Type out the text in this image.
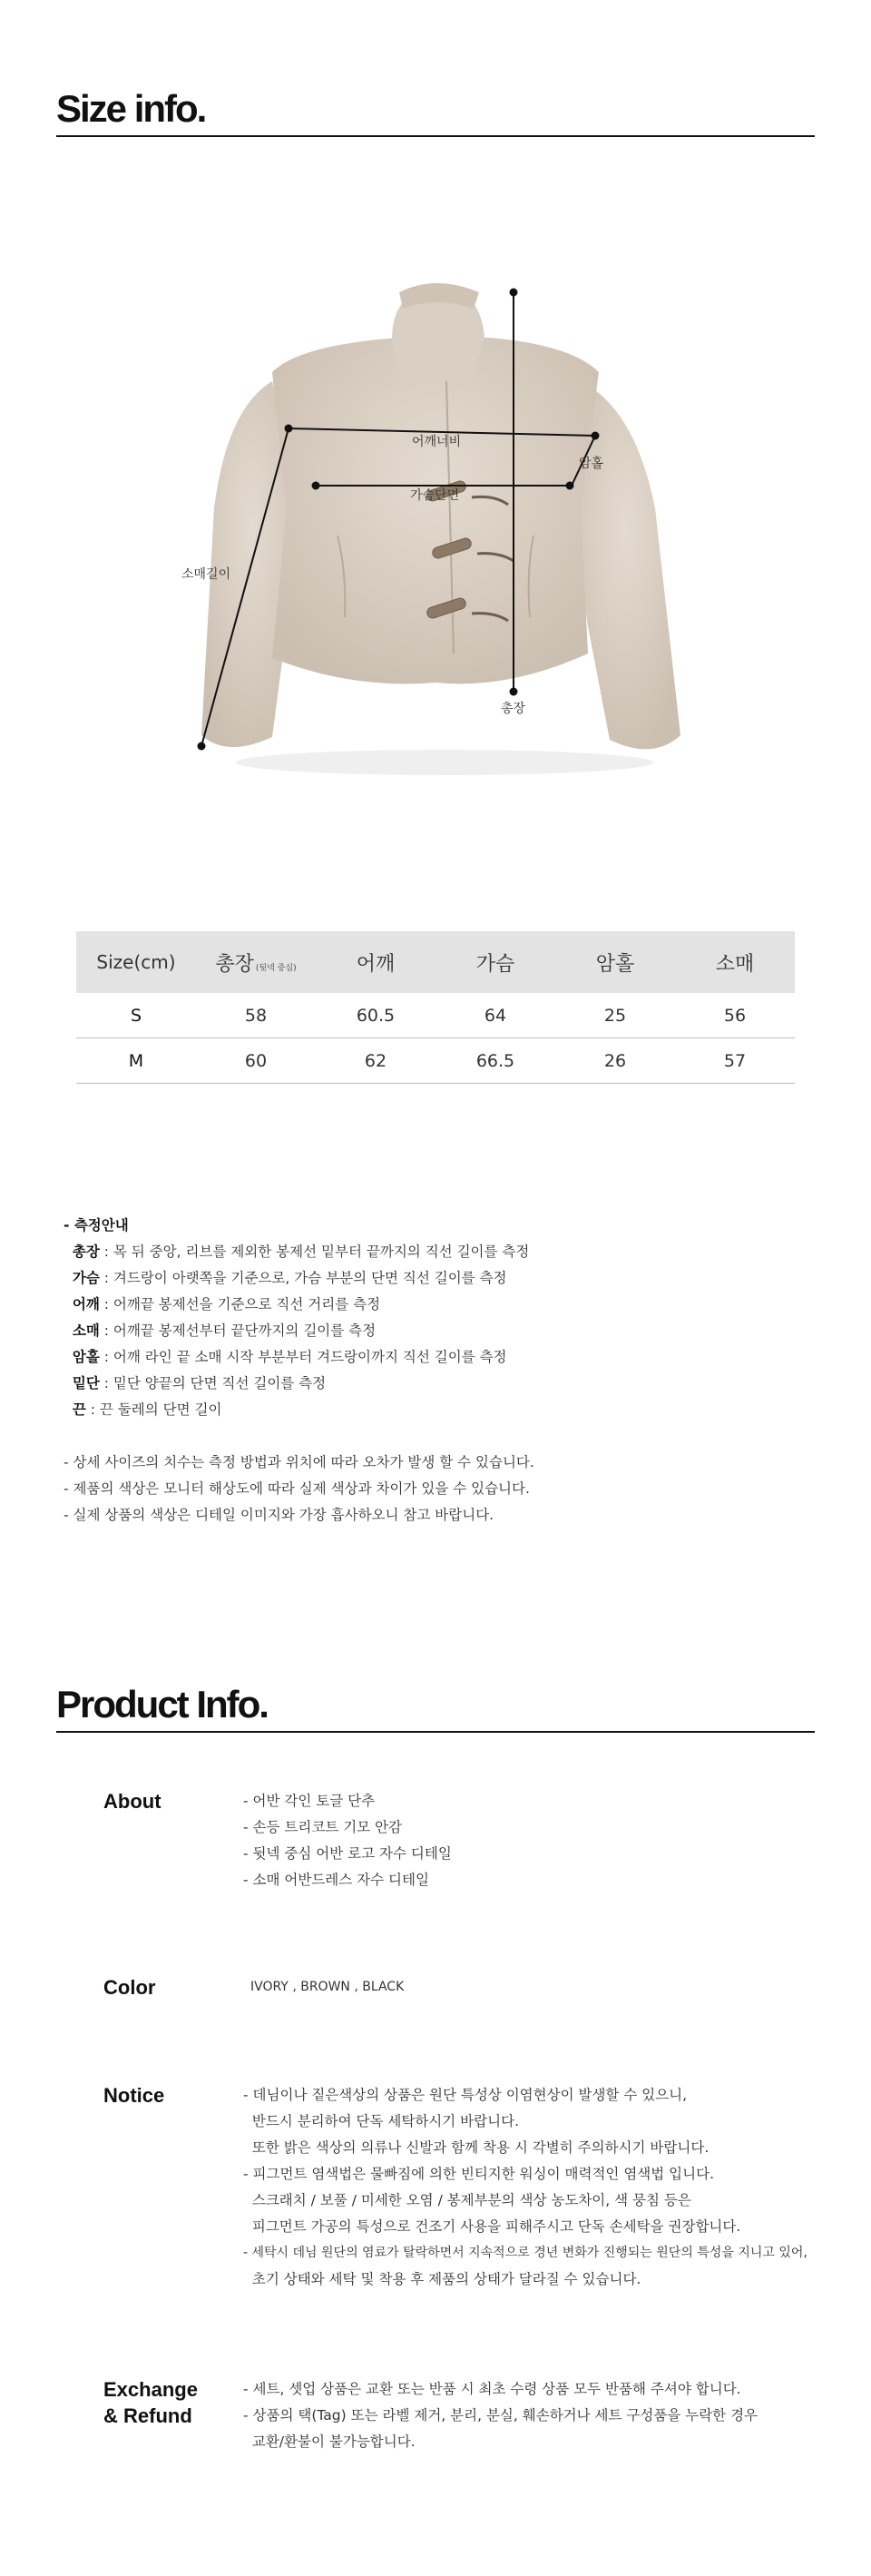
Size info.
어깨너비
가슴단면
암홀
소매길이
총장
Size(cm)	총장 (뒷넥 중심)	어깨	가슴	암홀	소매
S	58	60.5	64	25	56
M	60	62	66.5	26	57
- 측정안내
총장 : 목 뒤 중앙, 리브를 제외한 봉제선 밑부터 끝까지의 직선 길이를 측정
가슴 : 겨드랑이 아랫쪽을 기준으로, 가슴 부분의 단면 직선 길이를 측정
어깨 : 어깨끝 봉제선을 기준으로 직선 거리를 측정
소매 : 어깨끝 봉제선부터 끝단까지의 길이를 측정
암홀 : 어깨 라인 끝 소매 시작 부분부터 겨드랑이까지 직선 길이를 측정
밑단 : 밑단 양끝의 단면 직선 길이를 측정
끈 : 끈 둘레의 단면 길이
- 상세 사이즈의 치수는 측정 방법과 위치에 따라 오차가 발생 할 수 있습니다.
- 제품의 색상은 모니터 해상도에 따라 실제 색상과 차이가 있을 수 있습니다.
- 실제 상품의 색상은 디테일 이미지와 가장 흡사하오니 참고 바랍니다.
Product Info.
About	- 어반 각인 토글 단추
- 손등 트리코트 기모 안감
- 뒷넥 중심 어반 로고 자수 디테일
- 소매 어반드레스 자수 디테일
Color	IVORY , BROWN , BLACK
Notice	- 데님이나 짙은색상의 상품은 원단 특성상 이염현상이 발생할 수 있으니,
반드시 분리하여 단독 세탁하시기 바랍니다.
또한 밝은 색상의 의류나 신발과 함께 착용 시 각별히 주의하시기 바랍니다.
- 피그먼트 염색법은 물빠짐에 의한 빈티지한 워싱이 매력적인 염색법 입니다.
스크래치 / 보풀 / 미세한 오염 / 봉제부분의 색상 농도차이, 색 뭉침 등은
피그먼트 가공의 특성으로 건조기 사용을 피해주시고 단독 손세탁을 권장합니다.
- 세탁시 데님 원단의 염료가 탈락하면서 지속적으로 경년 변화가 진행되는 원단의 특성을 지니고 있어,
초기 상태와 세탁 및 착용 후 제품의 상태가 달라질 수 있습니다.
Exchange
& Refund
- 세트, 셋업 상품은 교환 또는 반품 시 최초 수령 상품 모두 반품해 주셔야 합니다.
- 상품의 택(Tag) 또는 라벨 제거, 분리, 분실, 훼손하거나 세트 구성품을 누락한 경우
교환/환불이 불가능합니다.
